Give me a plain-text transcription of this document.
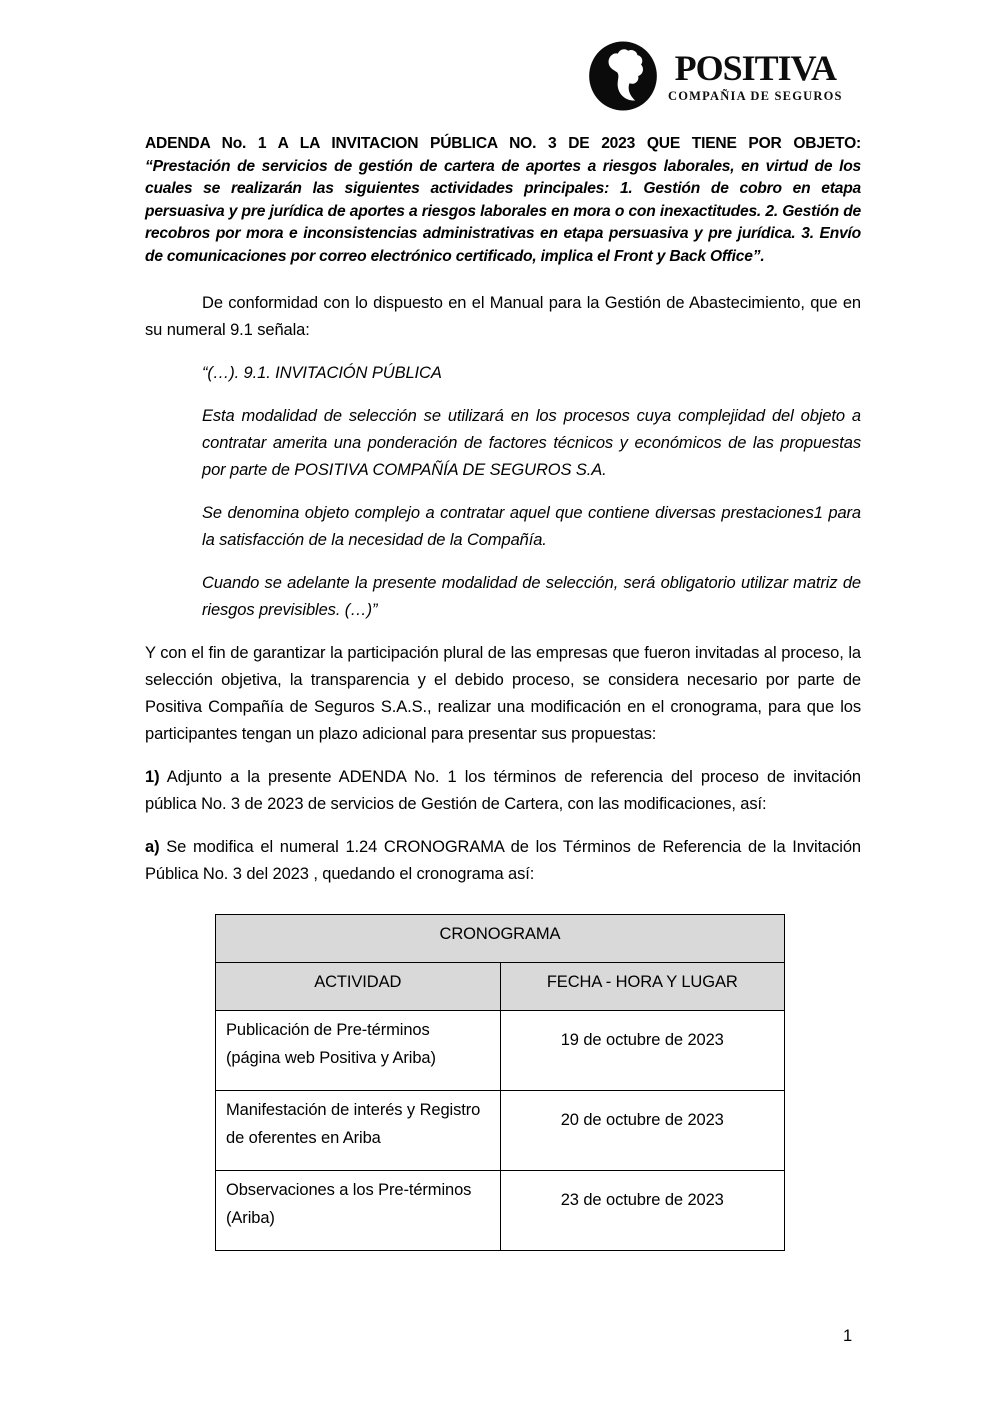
POSITIVA
COMPAÑIA DE SEGUROS

ADENDA No. 1 A LA INVITACION PÚBLICA NO. 3 DE 2023 QUE TIENE POR OBJETO:
“Prestación de servicios de gestión de cartera de aportes a riesgos laborales, en virtud de los cuales se realizarán las siguientes actividades principales: 1. Gestión de cobro en etapa persuasiva y pre jurídica de aportes a riesgos laborales en mora o con inexactitudes. 2. Gestión de recobros por mora e inconsistencias administrativas en etapa persuasiva y pre jurídica. 3. Envío de comunicaciones por correo electrónico certificado, implica el Front y Back Office”.

De conformidad con lo dispuesto en el Manual para la Gestión de Abastecimiento, que en su numeral 9.1 señala:

“(…). 9.1. INVITACIÓN PÚBLICA

Esta modalidad de selección se utilizará en los procesos cuya complejidad del objeto a contratar amerita una ponderación de factores técnicos y económicos de las propuestas por parte de POSITIVA COMPAÑÍA DE SEGUROS S.A.

Se denomina objeto complejo a contratar aquel que contiene diversas prestaciones1 para la satisfacción de la necesidad de la Compañía.

Cuando se adelante la presente modalidad de selección, será obligatorio utilizar matriz de riesgos previsibles. (…)”

Y con el fin de garantizar la participación plural de las empresas que fueron invitadas al proceso, la selección objetiva, la transparencia y el debido proceso, se considera necesario por parte de Positiva Compañía de Seguros S.A.S., realizar una modificación en el cronograma, para que los participantes tengan un plazo adicional para presentar sus propuestas:

1) Adjunto a la presente ADENDA No. 1 los términos de referencia del proceso de invitación pública No. 3 de 2023 de servicios de Gestión de Cartera, con las modificaciones, así:

a) Se modifica el numeral 1.24 CRONOGRAMA de los Términos de Referencia de la Invitación Pública No. 3 del 2023 , quedando el cronograma así:

CRONOGRAMA	
ACTIVIDAD	FECHA - HORA Y LUGAR
Publicación de Pre-términos (página web Positiva y Ariba)	19 de octubre de 2023
Manifestación de interés y Registro de oferentes en Ariba	20 de octubre de 2023
Observaciones a los Pre-términos (Ariba)	23 de octubre de 2023
1
